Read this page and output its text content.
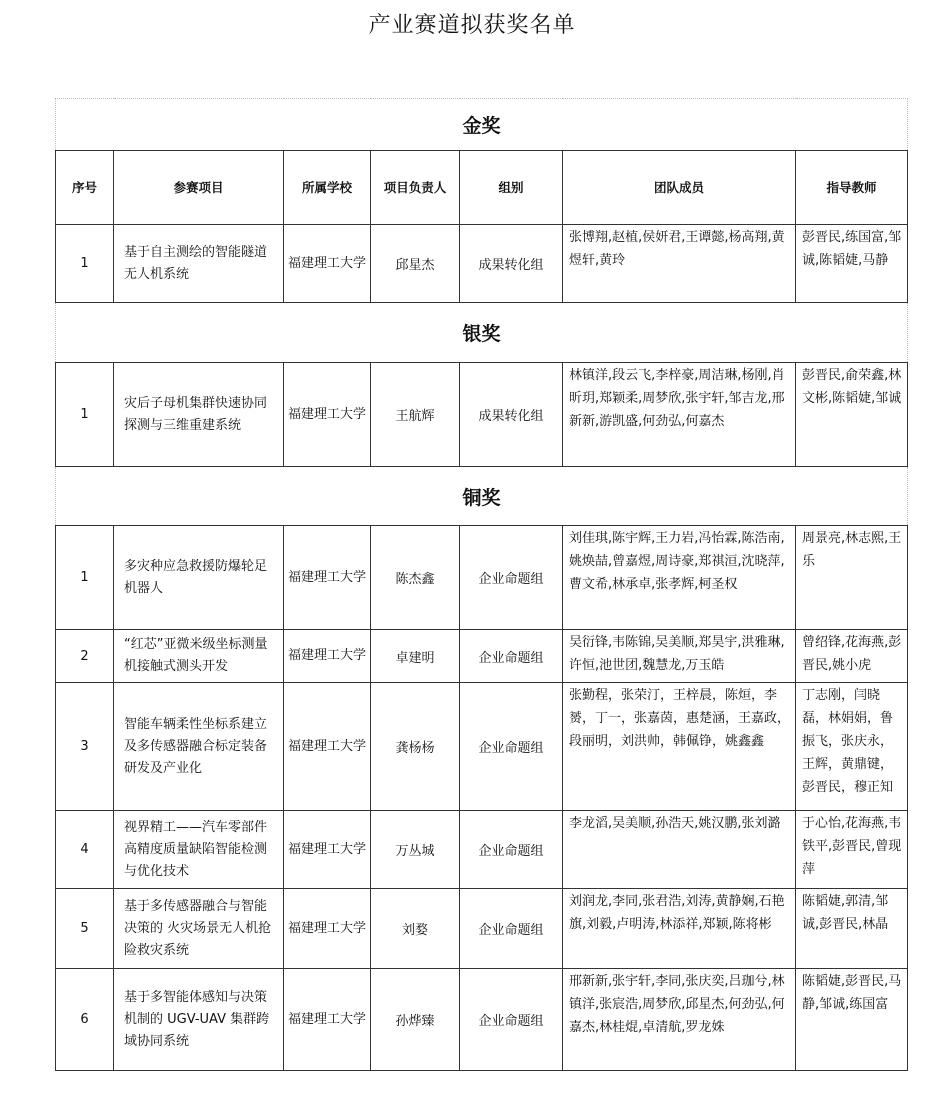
产业赛道拟获奖名单
金奖						
序号	参赛项目	所属学校	项目负责人	组别	团队成员	指导教师
1	基于自主测绘的智能隧道无人机系统	福建理工大学	邱星杰	成果转化组	张博翔,赵植,侯妍君,王谭懿,杨高翔,黄煜轩,黄玲	彭晋民,练国富,邹诚,陈韬婕,马静
银奖						
1	灾后子母机集群快速协同探测与三维重建系统	福建理工大学	王航辉	成果转化组	林镇洋,段云飞,李梓豪,周洁琳,杨刚,肖昕玥,郑颖柔,周梦欣,张宇轩,邹吉龙,邢新新,游凯盛,何劲弘,何嘉杰	彭晋民,俞荣鑫,林文彬,陈韬婕,邹诚
铜奖						
1	多灾种应急救援防爆轮足机器人	福建理工大学	陈杰鑫	企业命题组	刘佳琪,陈宇辉,王力岩,冯怡霖,陈浩南,姚焕喆,曾嘉煜,周诗豪,郑祺洹,沈晓萍,曹文希,林承卓,张孝辉,柯圣权	周景亮,林志熙,王乐
2	“红芯”亚微米级坐标测量机接触式测头开发	福建理工大学	卓建明	企业命题组	吴衍锋,韦陈锦,吴美顺,郑昊宇,洪雅琳,许恒,池世团,魏慧龙,万玉皓	曾绍锋,花海燕,彭晋民,姚小虎
3	智能车辆柔性坐标系建立及多传感器融合标定装备研发及产业化	福建理工大学	龚杨杨	企业命题组	张勤程，张荣汀，王梓晨，陈烜，李赟，丁一，张嘉茵，惠楚涵，王嘉政，段丽明，刘洪帅，韩佩铮，姚鑫鑫	丁志刚，闫晓磊，林娟娟，鲁振飞，张庆永，王辉，黄鼎键，彭晋民，穆正知
4	视界精工——汽车零部件高精度质量缺陷智能检测与优化技术	福建理工大学	万丛城	企业命题组	李龙滔,吴美顺,孙浩天,姚汉鹏,张刘潞	于心怡,花海燕,韦铁平,彭晋民,曾现萍
5	基于多传感器融合与智能决策的 火灾场景无人机抢险救灾系统	福建理工大学	刘婺	企业命题组	刘润龙,李同,张君浩,刘涛,黄静娴,石艳旗,刘毅,卢明涛,林添祥,郑颖,陈将彬	陈韬婕,郭清,邹诚,彭晋民,林晶
6	基于多智能体感知与决策机制的 UGV-UAV 集群跨域协同系统	福建理工大学	孙烨臻	企业命题组	邢新新,张宇轩,李同,张庆奕,吕珈兮,林镇洋,张宸浩,周梦欣,邱星杰,何劲弘,何嘉杰,林桂焜,卓清航,罗龙姝	陈韬婕,彭晋民,马静,邹诚,练国富
